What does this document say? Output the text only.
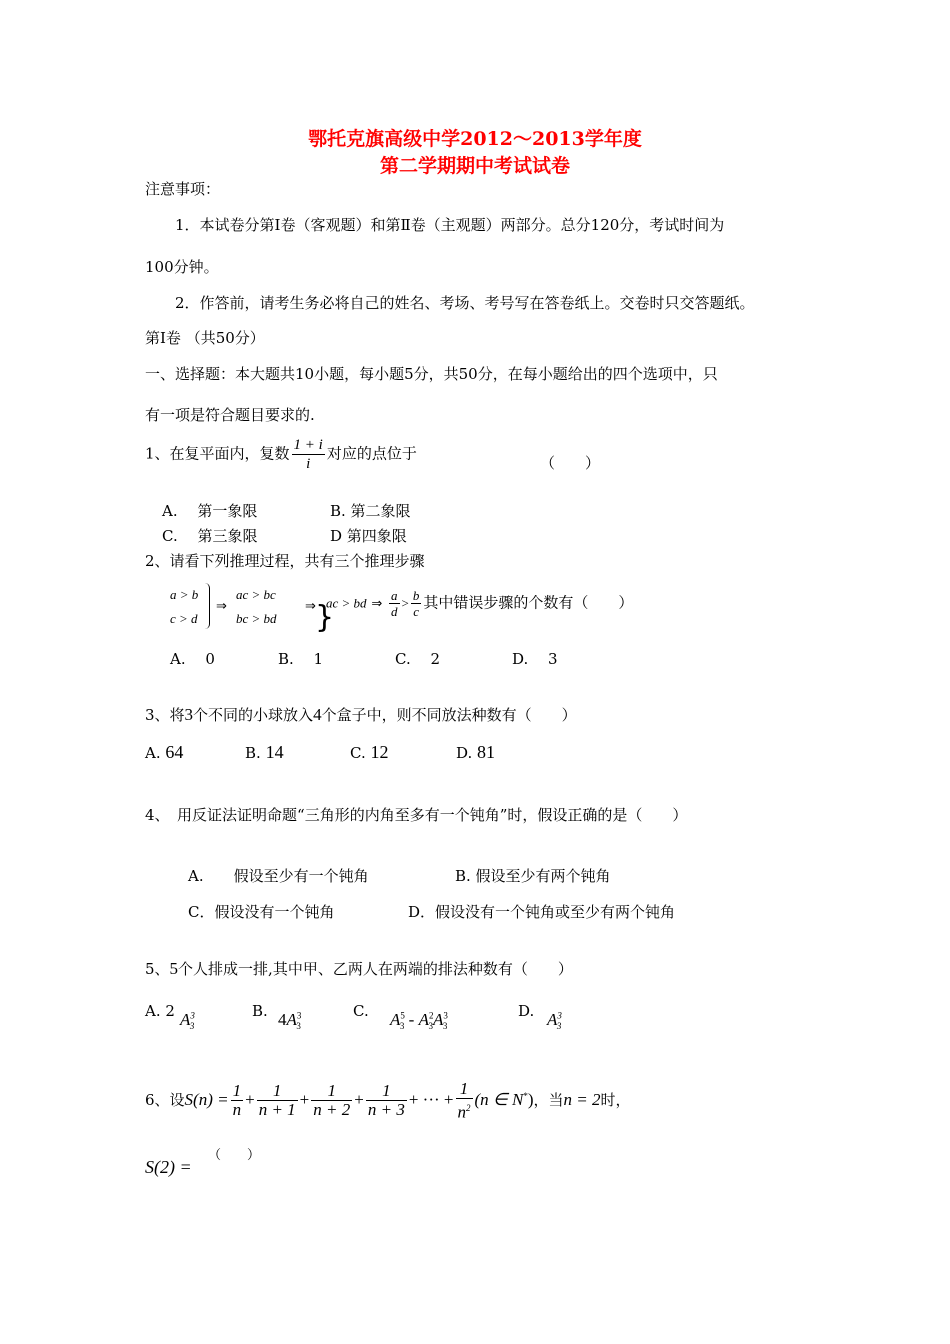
鄂托克旗高级中学2012～2013学年度
第二学期期中考试试卷
注意事项：
1．本试卷分第Ⅰ卷（客观题）和第Ⅱ卷（主观题）两部分。总分120分，考试时间为
100分钟。
2．作答前，请考生务必将自己的姓名、考场、考号写在答卷纸上。交卷时只交答题纸。
第Ⅰ卷 （共50分）
一、选择题：本大题共10小题，每小题5分，共50分，在每小题给出的四个选项中，只
有一项是符合题目要求的.
1、在复平面内，复数 $\frac{1 + i}{i}$ 对应的点位于
（　　）
A.　 第一象限	B. 第二象限
C.　 第三象限	D 第四象限
2、请看下列推理过程，共有三个推理步骤
a > b
c > d
⇒
ac > bc
bc > bd
⇒ }
ac > bd ⇒ $\frac{a}{d} > \frac{b}{c}$ 其中错误步骤的个数有（　　）
A.　 0	B.　 1	C.　 2	D.　 3
3、将3个不同的小球放入4个盒子中，则不同放法种数有（　　）
A. 64	B. 14	C. 12	D. 81
4、　用反证法证明命题“三角形的内角至多有一个钝角”时，假设正确的是（　　）
A.　　假设至少有一个钝角	B. 假设至少有两个钝角
C．假设没有一个钝角	D．假设没有一个钝角或至少有两个钝角
5、5个人排成一排,其中甲、乙两人在两端的排法种数有（　　）
A. 2 $A^3_3$
B. $4A^3_3$
C. $A^5_3 - A^2_3A^3_3$
D. $A^3_3$
6、设$S(n) = \frac{1}{n} + \frac{1}{n + 1} + \frac{1}{n + 2} + \frac{1}{n + 3}$ + ··· + $\frac{1}{n^2} (n$ ∈ N*)，当n = 2时，
S(2) =
（　　）
